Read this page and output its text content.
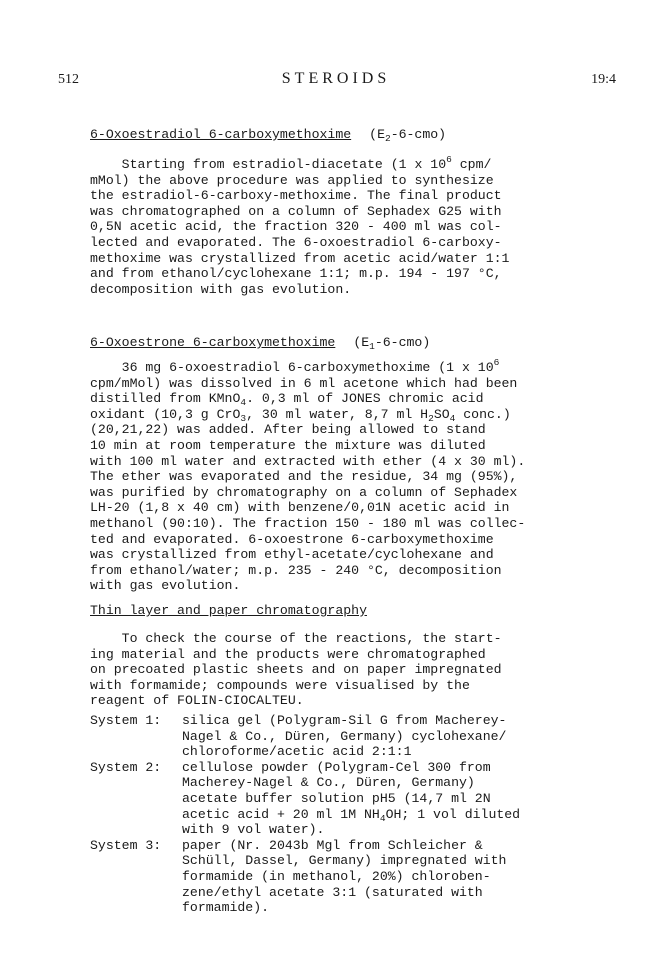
512	STEROIDS	19:4
6-Oxoestradiol 6-carboxymethoxime $(E_2-6-cmo)$
Starting from estradiol-diacetate (1 x $10^6$ cpm/
mMol) the above procedure was applied to synthesize
the estradiol-6-carboxy-methoxime. The final product
was chromatographed on a column of Sephadex G25 with
0,5N acetic acid, the fraction 320 - 400 ml was col-
lected and evaporated. The 6-oxoestradiol 6-carboxy-
methoxime was crystallized from acetic acid/water 1:1
and from ethanol/cyclohexane 1:1; m.p. 194 - 197 °C,
decomposition with gas evolution.
6-Oxoestrone 6-carboxymethoxime $(E_1-6-cmo)$
36 mg 6-oxoestradiol 6-carboxymethoxime (1 x $10^6$
cpm/mMol) was dissolved in 6 ml acetone which had been
distilled from KMnO$_4$. 0,3 ml of JONES chromic acid
oxidant (10,3 g CrO$_3$, 30 ml water, 8,7 ml $H_2SO_4$ conc.)
(20,21,22) was added. After being allowed to stand
10 min at room temperature the mixture was diluted
with 100 ml water and extracted with ether (4 x 30 ml).
The ether was evaporated and the residue, 34 mg (95%),
was purified by chromatography on a column of Sephadex
LH-20 (1,8 x 40 cm) with benzene/0,01N acetic acid in
methanol (90:10). The fraction 150 - 180 ml was collec-
ted and evaporated. 6-oxoestrone 6-carboxymethoxime
was crystallized from ethyl-acetate/cyclohexane and
from ethanol/water; m.p. 235 - 240 °C, decomposition
with gas evolution.
Thin layer and paper chromatography
To check the course of the reactions, the start-
ing material and the products were chromatographed
on precoated plastic sheets and on paper impregnated
with formamide; compounds were visualised by the
reagent of FOLIN-CIOCALTEU.
System 1:	silica gel (Polygram-Sil G from Macherey-
Nagel & Co., Düren, Germany) cyclohexane/
chloroforme/acetic acid 2:1:1
System 2:	cellulose powder (Polygram-Cel 300 from
Macherey-Nagel & Co., Düren, Germany)
acetate buffer solution pH5 (14,7 ml 2N
acetic acid + 20 ml 1M $NH_4OH$; 1 vol diluted
with 9 vol water).
System 3:	paper (Nr. 2043b Mgl from Schleicher &
Schüll, Dassel, Germany) impregnated with
formamide (in methanol, 20%) chloroben-
zene/ethyl acetate 3:1 (saturated with
formamide).
